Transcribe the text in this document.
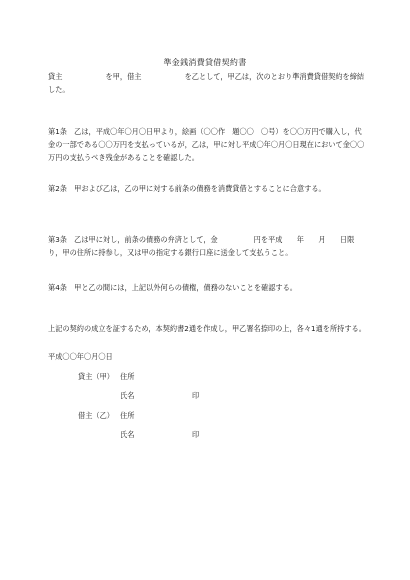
準金銭消費貸借契約書
貸主　　　　　　を甲，借主　　　　　　を乙として，甲乙は，次のとおり準消費貸借契約を締結した。
第1条　乙は，平成〇年〇月〇日甲より，絵画（〇〇作　題〇〇　〇号）を〇〇万円で購入し，代金の一部である〇〇万円を支払っているが，乙は，甲に対し平成〇年〇月〇日現在において金〇〇万円の支払うべき残金があることを確認した。
第2条　甲および乙は，乙の甲に対する前条の債務を消費貸借とすることに合意する。
第3条　乙は甲に対し，前条の債務の弁済として，金　　　　　円を平成　　年　　月　　日限り，甲の住所に持参し，又は甲の指定する銀行口座に送金して支払うこと。
第4条　甲と乙の間には，上記以外何らの債権，債務のないことを確認する。
上記の契約の成立を証するため，本契約書2通を作成し，甲乙署名捺印の上，各々1通を所持する。
平成〇〇年〇月〇日
貸主（甲） 住所
氏名	印
借主（乙） 住所
氏名	印
